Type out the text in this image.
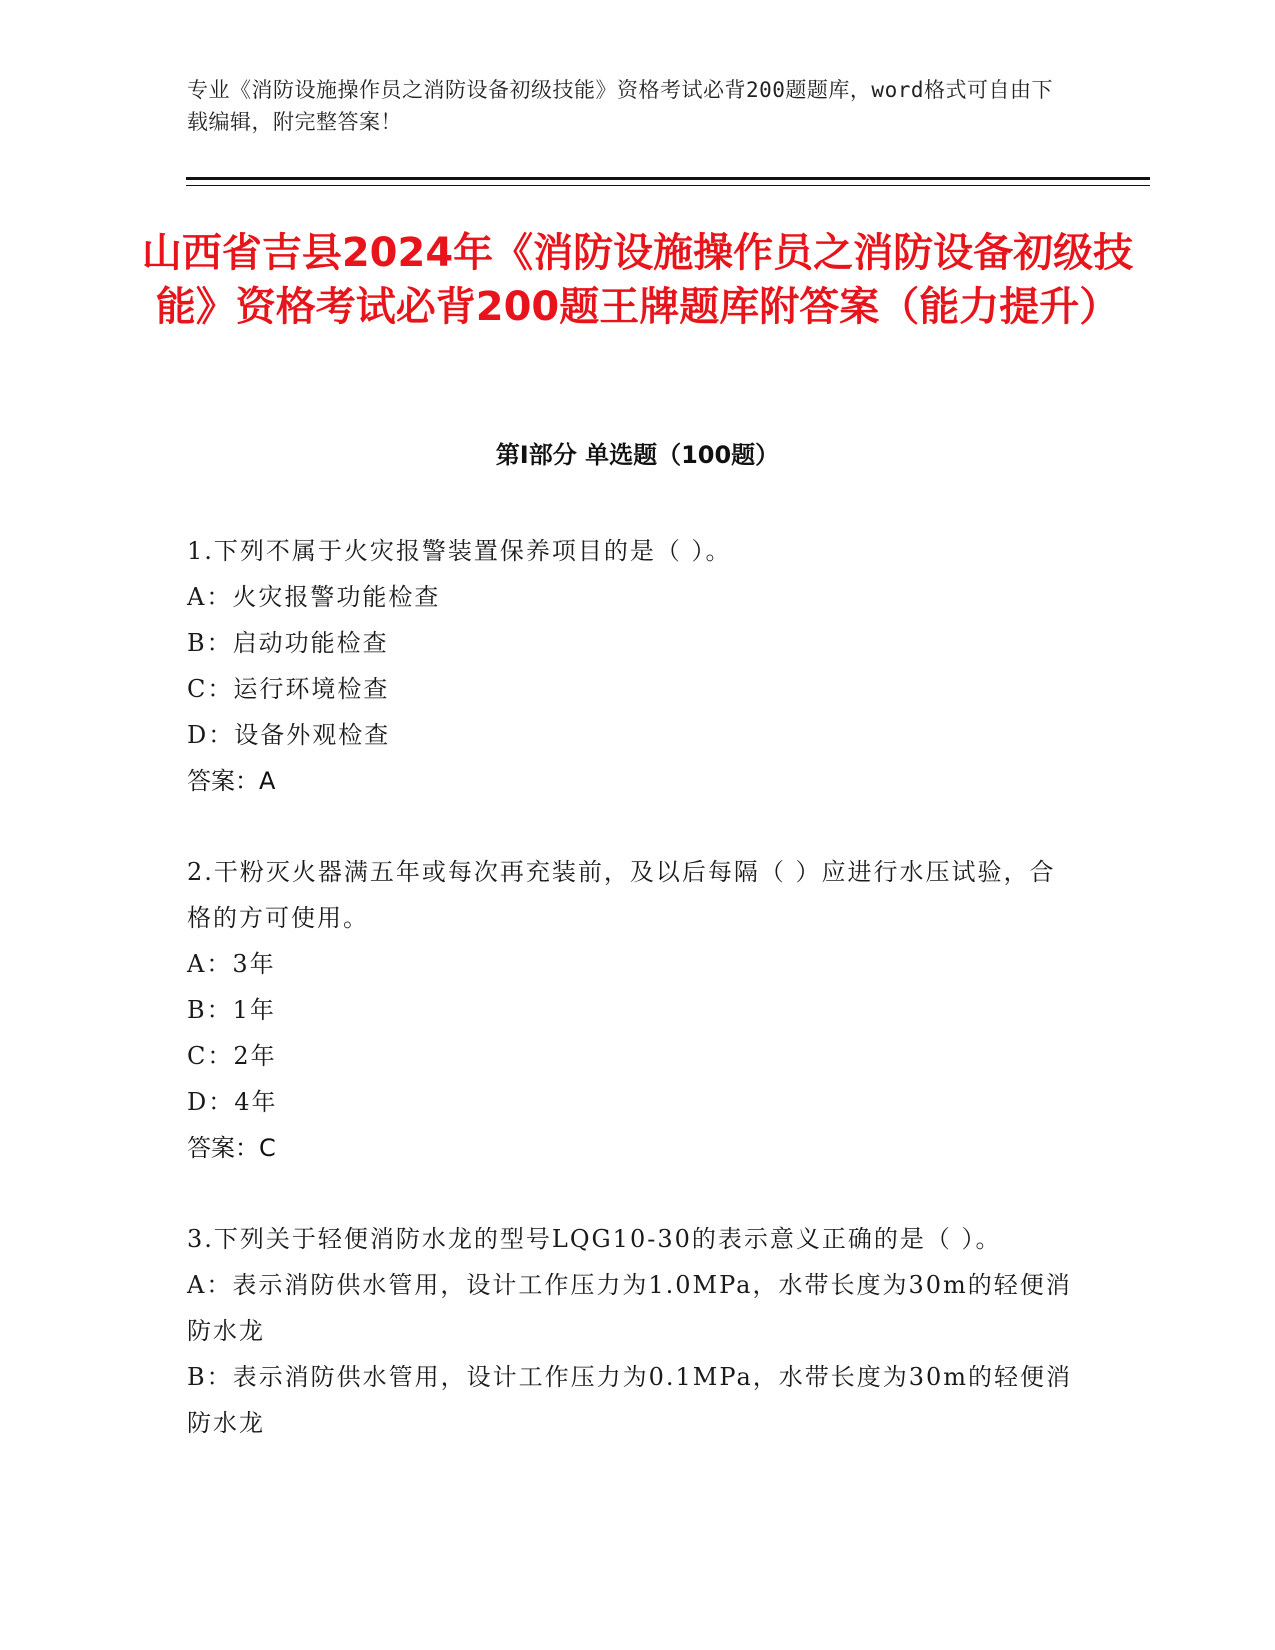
专业《消防设施操作员之消防设备初级技能》资格考试必背200题题库，word格式可自由下载编辑，附完整答案！
山西省吉县2024年《消防设施操作员之消防设备初级技能》资格考试必背200题王牌题库附答案（能力提升）
第I部分 单选题（100题）
1.下列不属于火灾报警装置保养项目的是（ ）。
A：火灾报警功能检查
B：启动功能检查
C：运行环境检查
D：设备外观检查
答案：A
2.干粉灭火器满五年或每次再充装前，及以后每隔（ ）应进行水压试验，合格的方可使用。
A：3年
B：1年
C：2年
D：4年
答案：C
3.下列关于轻便消防水龙的型号LQG10-30的表示意义正确的是（ ）。
A：表示消防供水管用，设计工作压力为1.0MPa，水带长度为30m的轻便消防水龙
B：表示消防供水管用，设计工作压力为0.1MPa，水带长度为30m的轻便消防水龙
